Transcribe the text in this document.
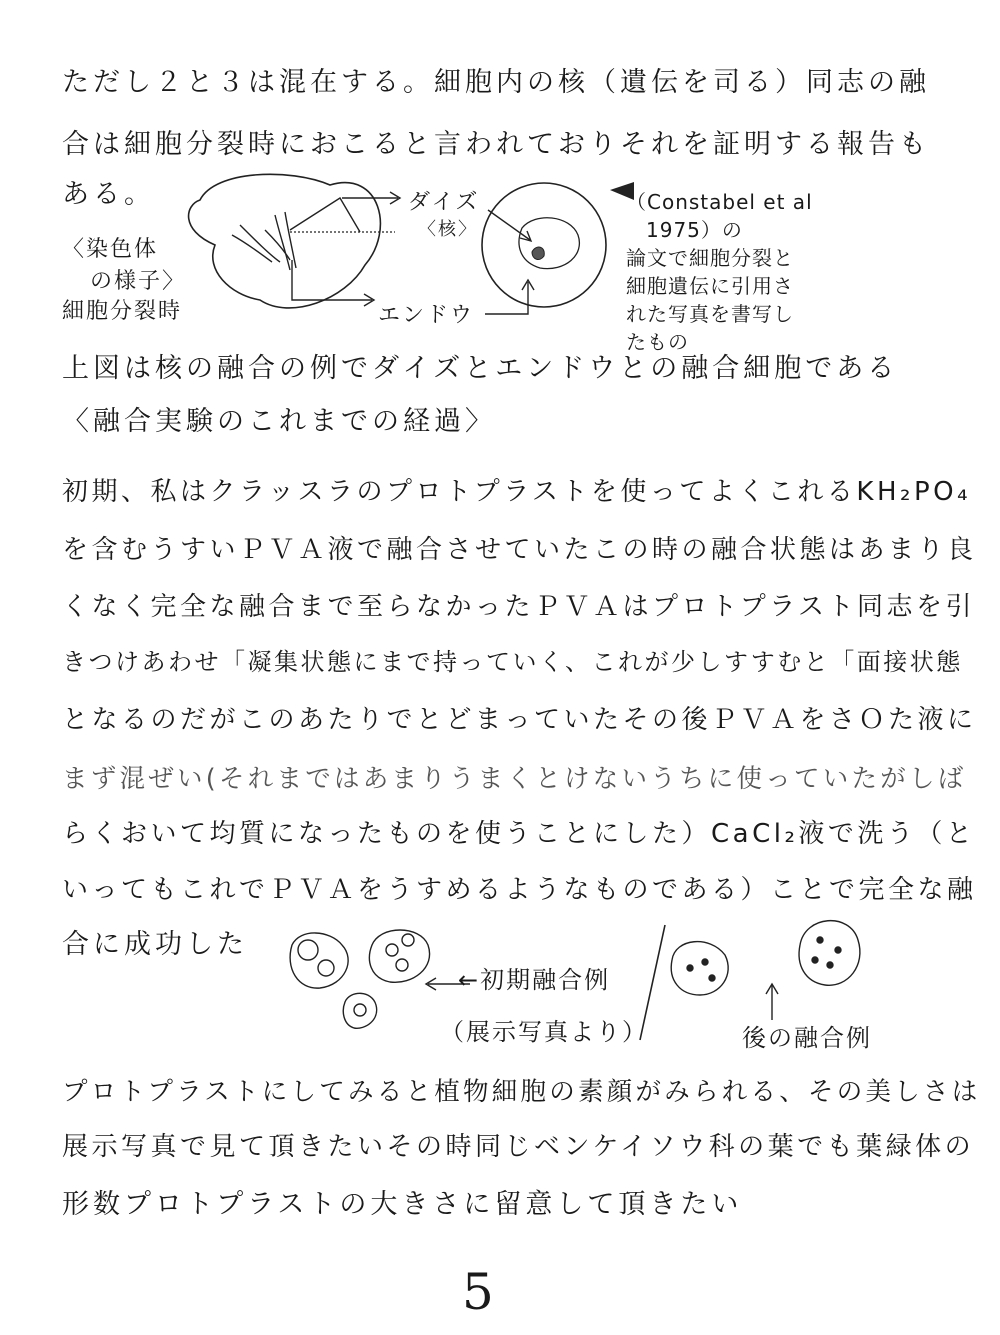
ただし２と３は混在する。細胞内の核（遺伝を司る）同志の融
合は細胞分裂時におこると言われておりそれを証明する報告も
ある。
〈染色体
の様子〉
細胞分裂時
ダイズ
〈核〉
エンドウ
（Constabel et al
1975）の
論文で細胞分裂と
細胞遺伝に引用さ
れた写真を書写し
たもの
上図は核の融合の例でダイズとエンドウとの融合細胞である
〈融合実験のこれまでの経過〉
初期、私はクラッスラのプロトプラストを使ってよくこれるKH₂PO₄
を含むうすいＰＶＡ液で融合させていたこの時の融合状態はあまり良
くなく完全な融合まで至らなかったＰＶＡはプロトプラスト同志を引
きつけあわせ「凝集状態にまで持っていく、これが少しすすむと「面接状態
となるのだがこのあたりでとどまっていたその後ＰＶＡをさＯた液に
まず混ぜい(それまではあまりうまくとけないうちに使っていたがしば
らくおいて均質になったものを使うことにした）CaCl₂液で洗う（と
いってもこれでＰＶＡをうすめるようなものである）ことで完全な融
合に成功した
←初期融合例
（展示写真より）	後の融合例
プロトプラストにしてみると植物細胞の素顔がみられる、その美しさは
展示写真で見て頂きたいその時同じベンケイソウ科の葉でも葉緑体の
形数プロトプラストの大きさに留意して頂きたい
5
